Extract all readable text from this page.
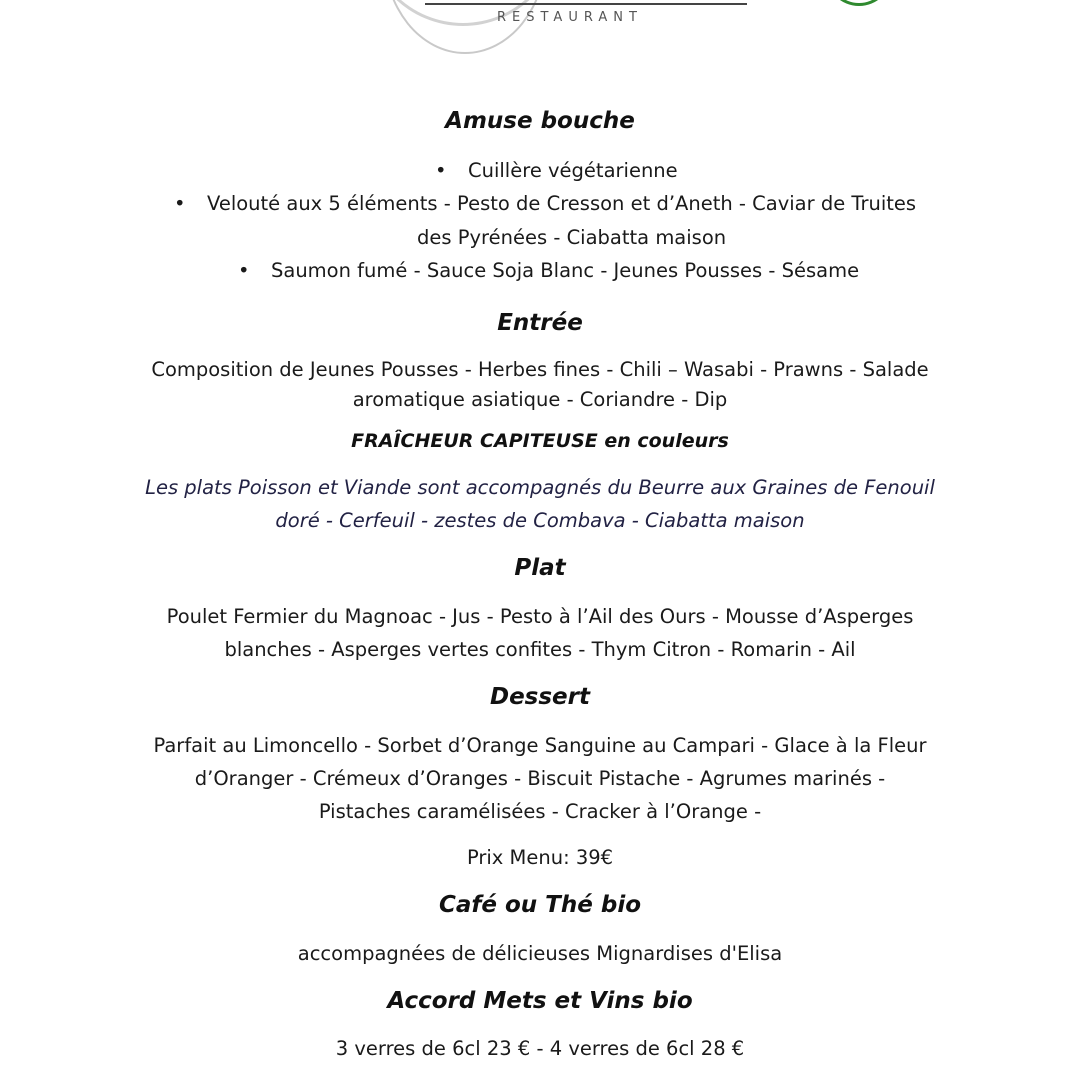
RESTAURANT
Amuse bouche
• Cuillère végétarienne
• Velouté aux 5 éléments - Pesto de Cresson et d’Aneth - Caviar de Truites
des Pyrénées - Ciabatta maison
• Saumon fumé - Sauce Soja Blanc - Jeunes Pousses - Sésame
Entrée
Composition de Jeunes Pousses - Herbes fines - Chili – Wasabi - Prawns - Salade
aromatique asiatique - Coriandre - Dip
FRAÎCHEUR CAPITEUSE en couleurs
Les plats Poisson et Viande sont accompagnés du Beurre aux Graines de Fenouil
doré - Cerfeuil - zestes de Combava - Ciabatta maison
Plat
Poulet Fermier du Magnoac - Jus - Pesto à l’Ail des Ours - Mousse d’Asperges
blanches - Asperges vertes confites - Thym Citron - Romarin - Ail
Dessert
Parfait au Limoncello - Sorbet d’Orange Sanguine au Campari - Glace à la Fleur
d’Oranger - Crémeux d’Oranges - Biscuit Pistache - Agrumes marinés -
Pistaches caramélisées - Cracker à l’Orange -
Prix Menu: 39€
Café ou Thé bio
accompagnées de délicieuses Mignardises d'Elisa
Accord Mets et Vins bio
3 verres de 6cl 23 € - 4 verres de 6cl 28 €
